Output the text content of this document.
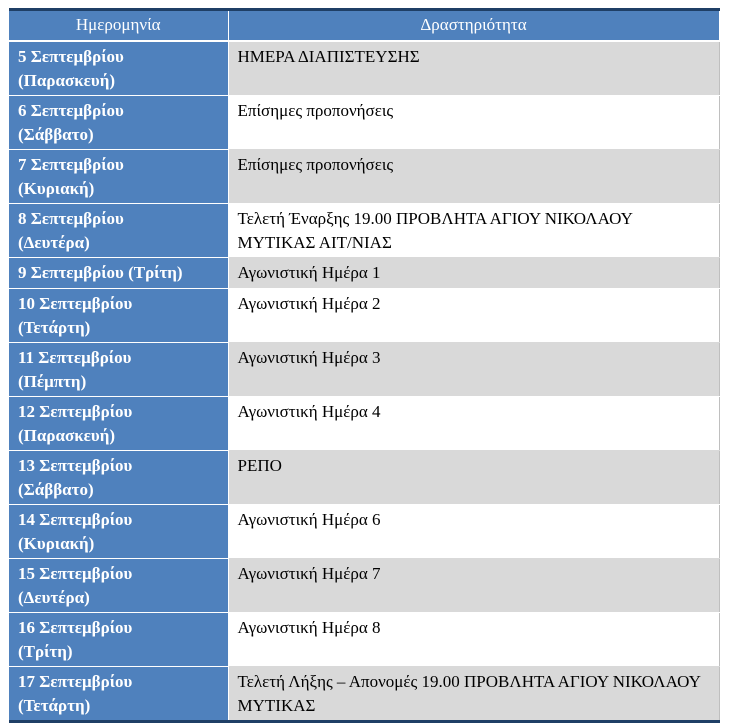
Ημερομηνία	Δραστηριότητα

5 Σεπτεμβρίου
(Παρασκευή)	ΗΜΕΡΑ ΔΙΑΠΙΣΤΕΥΣΗΣ

6 Σεπτεμβρίου
(Σάββατο)	Επίσημες προπονήσεις

7 Σεπτεμβρίου
(Κυριακή)	Επίσημες προπονήσεις

8 Σεπτεμβρίου
(Δευτέρα)	Τελετή Έναρξης 19.00 ΠΡΟΒΛΗΤΑ ΑΓΙΟΥ ΝΙΚΟΛΑΟΥ ΜΥΤΙΚΑΣ ΑΙΤ/ΝΙΑΣ

9 Σεπτεμβρίου (Τρίτη)	Αγωνιστική Ημέρα 1

10 Σεπτεμβρίου
(Τετάρτη)	Αγωνιστική Ημέρα 2

11 Σεπτεμβρίου
(Πέμπτη)	Αγωνιστική Ημέρα 3

12 Σεπτεμβρίου
(Παρασκευή)	Αγωνιστική Ημέρα 4

13 Σεπτεμβρίου
(Σάββατο)	ΡΕΠΟ

14 Σεπτεμβρίου
(Κυριακή)	Αγωνιστική Ημέρα 6

15 Σεπτεμβρίου
(Δευτέρα)	Αγωνιστική Ημέρα 7

16 Σεπτεμβρίου
(Τρίτη)	Αγωνιστική Ημέρα 8

17 Σεπτεμβρίου
(Τετάρτη)	Τελετή Λήξης – Απονομές 19.00 ΠΡΟΒΛΗΤΑ ΑΓΙΟΥ ΝΙΚΟΛΑΟΥ ΜΥΤΙΚΑΣ
